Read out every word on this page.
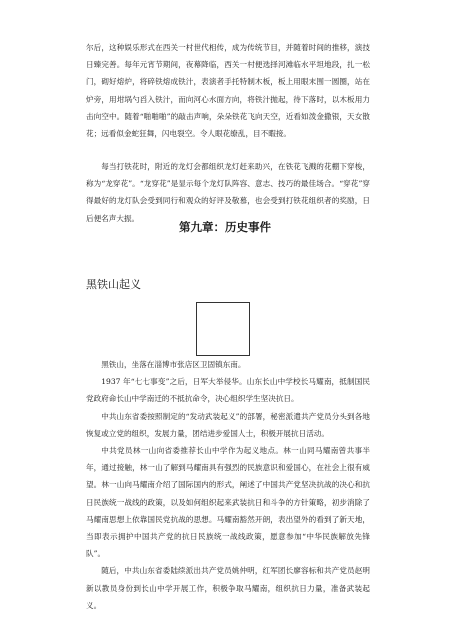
尔后，这种娱乐形式在西关一村世代相传，成为传统节目，并随着时间的推移，演技日臻完善。每年元宵节期间，夜幕降临，西关一村便选择河滩临水平坦地段，扎一松门，砌好熔炉，将碎铁熔成铁汁，表演者手托特制木板，板上用眼末围一圆圈，站在炉旁，用坩埚勺舀入铁汁，而向河心水面方向，将铁汁抛起，待下落时，以木板用力击向空中。随着“啪啪啪”的敲击声响，朵朵铁花飞向天空，近看如泼金撒银，天女散花；远看似金蛇狂舞，闪电裂空。令人眼花缭乱，目不暇接。

每当打铁花时，附近的龙灯会都组织龙灯赶来助兴，在铁花飞溅的花棚下穿梭，称为“龙穿花”。“龙穿花”是显示每个龙灯队阵容、意志、技巧的最佳场合。“穿花”穿得最好的龙灯队会受到同行和观众的好评及敬慕，也会受到打铁花组织者的奖励，日后便名声大振。

第九章：历史事件
黑铁山起义

黑铁山，坐落在淄博市张店区卫固镇东南。

1937 年“七七事变”之后，日军大举侵华。山东长山中学校长马耀南，抵制国民党政府命长山中学南迁的不抵抗命令，决心组织学生坚决抗日。

中共山东省委按照制定的“发动武装起义”的部署，秘密派遣共产党员分头到各地恢复或立党的组织，发展力量，团结进步爱国人士，积极开展抗日活动。

中共党员林一山向省委推荐长山中学作为起义地点。林一山同马耀南曾共事半年，通过接触，林一山了解到马耀南具有强烈的民族意识和爱国心，在社会上很有威望。林一山向马耀南介绍了国际国内的形式，阐述了中国共产党坚决抗战的决心和抗日民族统一战线的政策，以及如何组织起来武装抗日和斗争的方针策略，初步消除了马耀南思想上依靠国民党抗战的思想。马耀南豁然开朗，表出望外的看到了新天地，当即表示拥护中国共产党的抗日民族统一战线政策，愿意参加“中华民族解放先锋队”。

随后，中共山东省委陆续派出共产党员姚仲明，红军团长廖容标和共产党员赵明新以教员身份到长山中学开展工作，积极争取马耀南，组织抗日力量，准备武装起义。
